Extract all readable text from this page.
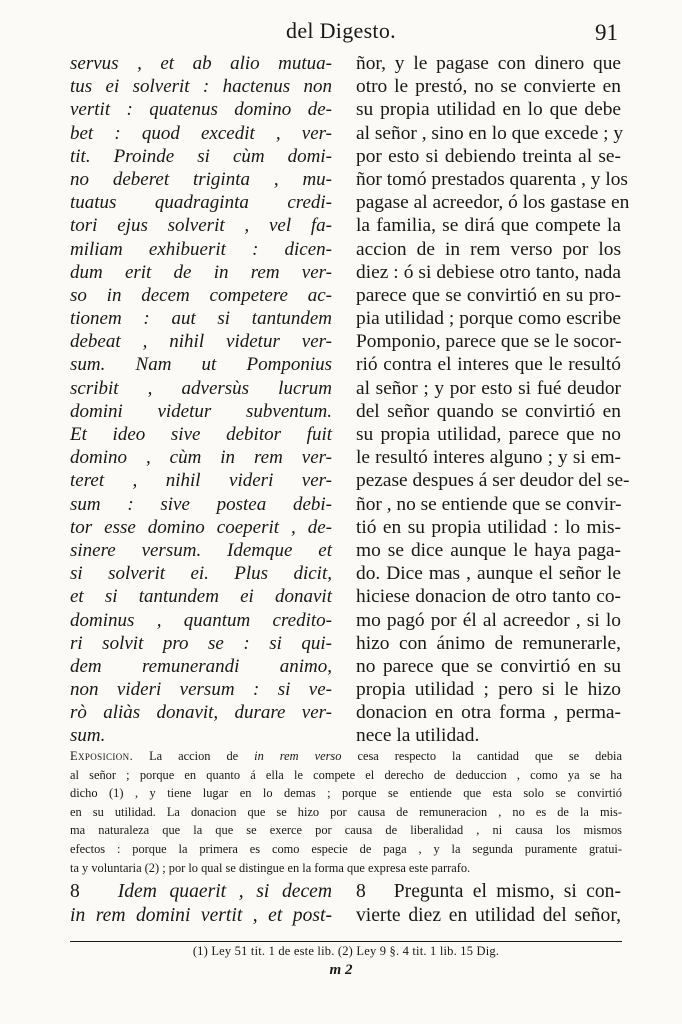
del Digesto.	91
servus , et ab alio mutua-
tus ei solverit : hactenus non
vertit : quatenus domino de-
bet : quod excedit , ver-
tit. Proinde si cùm domi-
no deberet triginta , mu-
tuatus quadraginta credi-
tori ejus solverit , vel fa-
miliam exhibuerit : dicen-
dum erit de in rem ver-
so in decem competere ac-
tionem : aut si tantundem
debeat , nihil videtur ver-
sum. Nam ut Pomponius
scribit , adversùs lucrum
domini videtur subventum.
Et ideo sive debitor fuit
domino , cùm in rem ver-
teret , nihil videri ver-
sum : sive postea debi-
tor esse domino coeperit , de-
sinere versum. Idemque et
si solverit ei. Plus dicit,
et si tantundem ei donavit
dominus , quantum credito-
ri solvit pro se : si qui-
dem remunerandi animo,
non videri versum : si ve-
rò aliàs donavit, durare ver-
sum.
ñor, y le pagase con dinero que
otro le prestó, no se convierte en
su propia utilidad en lo que debe
al señor , sino en lo que excede ; y
por esto si debiendo treinta al se-
ñor tomó prestados quarenta , y los
pagase al acreedor, ó los gastase en
la familia, se dirá que compete la
accion de in rem verso por los
diez : ó si debiese otro tanto, nada
parece que se convirtió en su pro-
pia utilidad ; porque como escribe
Pomponio, parece que se le socor-
rió contra el interes que le resultó
al señor ; y por esto si fué deudor
del señor quando se convirtió en
su propia utilidad, parece que no
le resultó interes alguno ; y si em-
pezase despues á ser deudor del se-
ñor , no se entiende que se convir-
tió en su propia utilidad : lo mis-
mo se dice aunque le haya paga-
do. Dice mas , aunque el señor le
hiciese donacion de otro tanto co-
mo pagó por él al acreedor , si lo
hizo con ánimo de remunerarle,
no parece que se convirtió en su
propia utilidad ; pero si le hizo
donacion en otra forma , perma-
nece la utilidad.
Exposicion. La accion de in rem verso cesa respecto la cantidad que se debia
al señor ; porque en quanto á ella le compete el derecho de deduccion , como ya se ha
dicho (1) , y tiene lugar en lo demas ; porque se entiende que esta solo se convirtió
en su utilidad. La donacion que se hizo por causa de remuneracion , no es de la mis-
ma naturaleza que la que se exerce por causa de liberalidad , ni causa los mismos
efectos : porque la primera es como especie de paga , y la segunda puramente gratui-
ta y voluntaria (2) ; por lo qual se distingue en la forma que expresa este parrafo.
8 Idem quaerit , si decem
in rem domini vertit , et post-
8 Pregunta el mismo, si con-
vierte diez en utilidad del señor,
(1) Ley 51 tit. 1 de este lib. (2) Ley 9 §. 4 tit. 1 lib. 15 Dig.
m 2
